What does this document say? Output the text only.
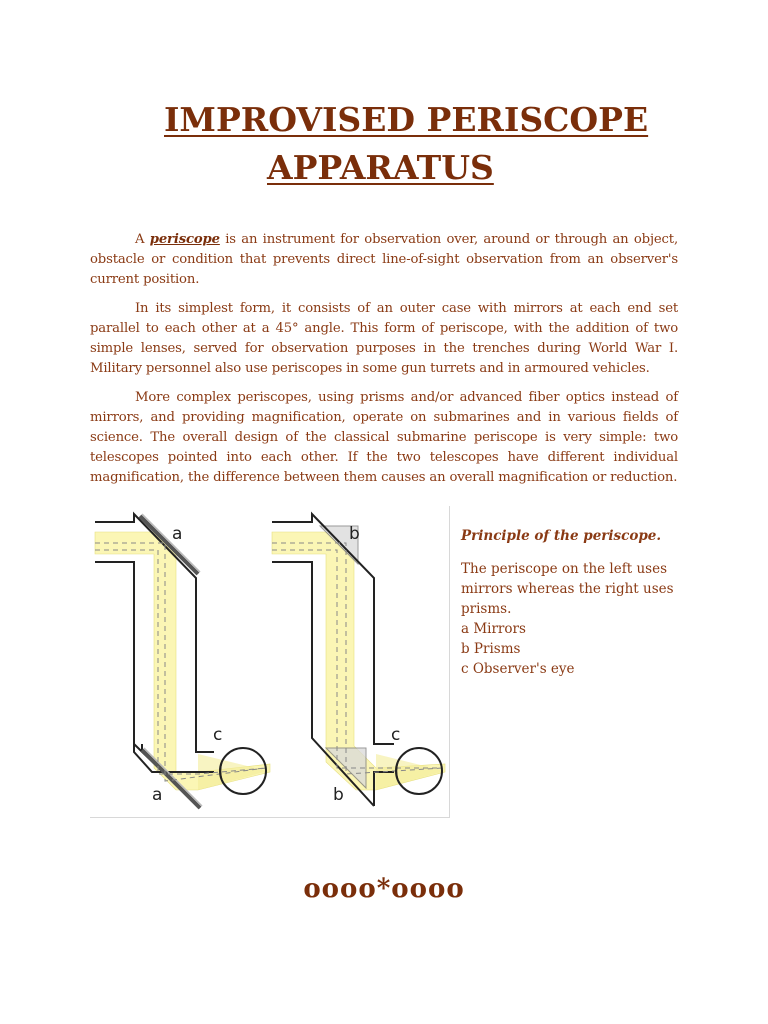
IMPROVISED PERISCOPE
APPARATUS

A periscope is an instrument for observation over, around or through an object, obstacle or condition that prevents direct line-of-sight observation from an observer's current position.

In its simplest form, it consists of an outer case with mirrors at each end set parallel to each other at a 45° angle. This form of periscope, with the addition of two simple lenses, served for observation purposes in the trenches during World War I. Military personnel also use periscopes in some gun turrets and in armoured vehicles.

More complex periscopes, using prisms and/or advanced fiber optics instead of mirrors, and providing magnification, operate on submarines and in various fields of science. The overall design of the classical submarine periscope is very simple: two telescopes pointed into each other. If the two telescopes have different individual magnification, the difference between them causes an overall magnification or reduction.

a
a
c
b
b
c
Principle of the periscope.

The periscope on the left uses
mirrors whereas the right uses
prisms.
a Mirrors
b Prisms
c Observer's eye

oooo*oooo
